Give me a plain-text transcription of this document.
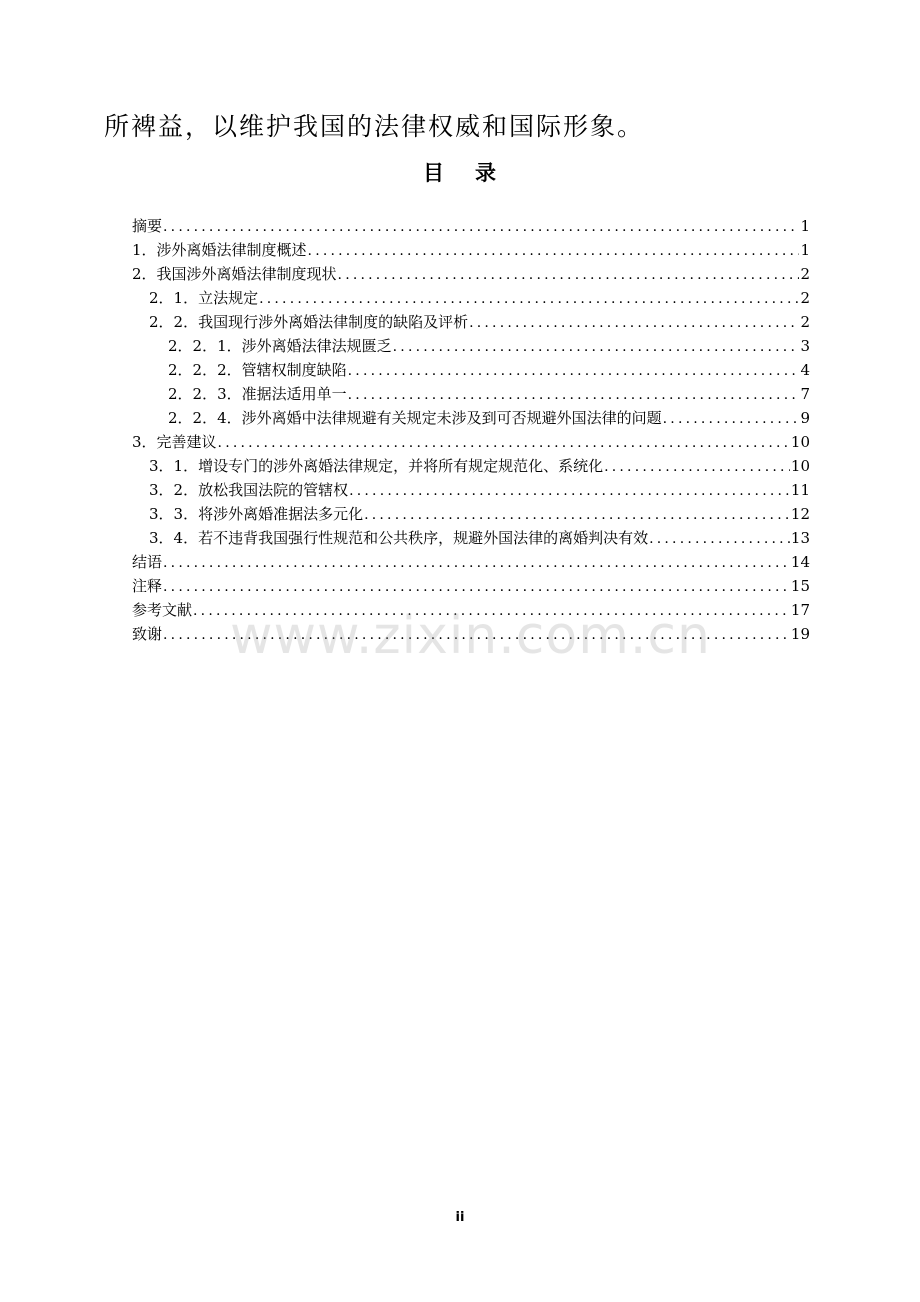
所裨益，以维护我国的法律权威和国际形象。
目 录
摘要 .....	1
1．涉外离婚法律制度概述 .....	1
2．我国涉外离婚法律制度现状 .....	2
2．1．立法规定 .....	2
2．2．我国现行涉外离婚法律制度的缺陷及评析 .....	2
2．2．1．涉外离婚法律法规匮乏 .....	3
2．2．2．管辖权制度缺陷 .....	4
2．2．3．准据法适用单一 .....	7
2．2．4．涉外离婚中法律规避有关规定未涉及到可否规避外国法律的问题 .....	9
3．完善建议 .....	10
3．1．增设专门的涉外离婚法律规定，并将所有规定规范化、系统化 .....	10
3．2．放松我国法院的管辖权 .....	11
3．3．将涉外离婚准据法多元化 .....	12
3．4．若不违背我国强行性规范和公共秩序，规避外国法律的离婚判决有效 .....	13
结语 .....	14
注释 .....	15
参考文献 .....	17
致谢 .....	19
www.zixin.com.cn
ii
